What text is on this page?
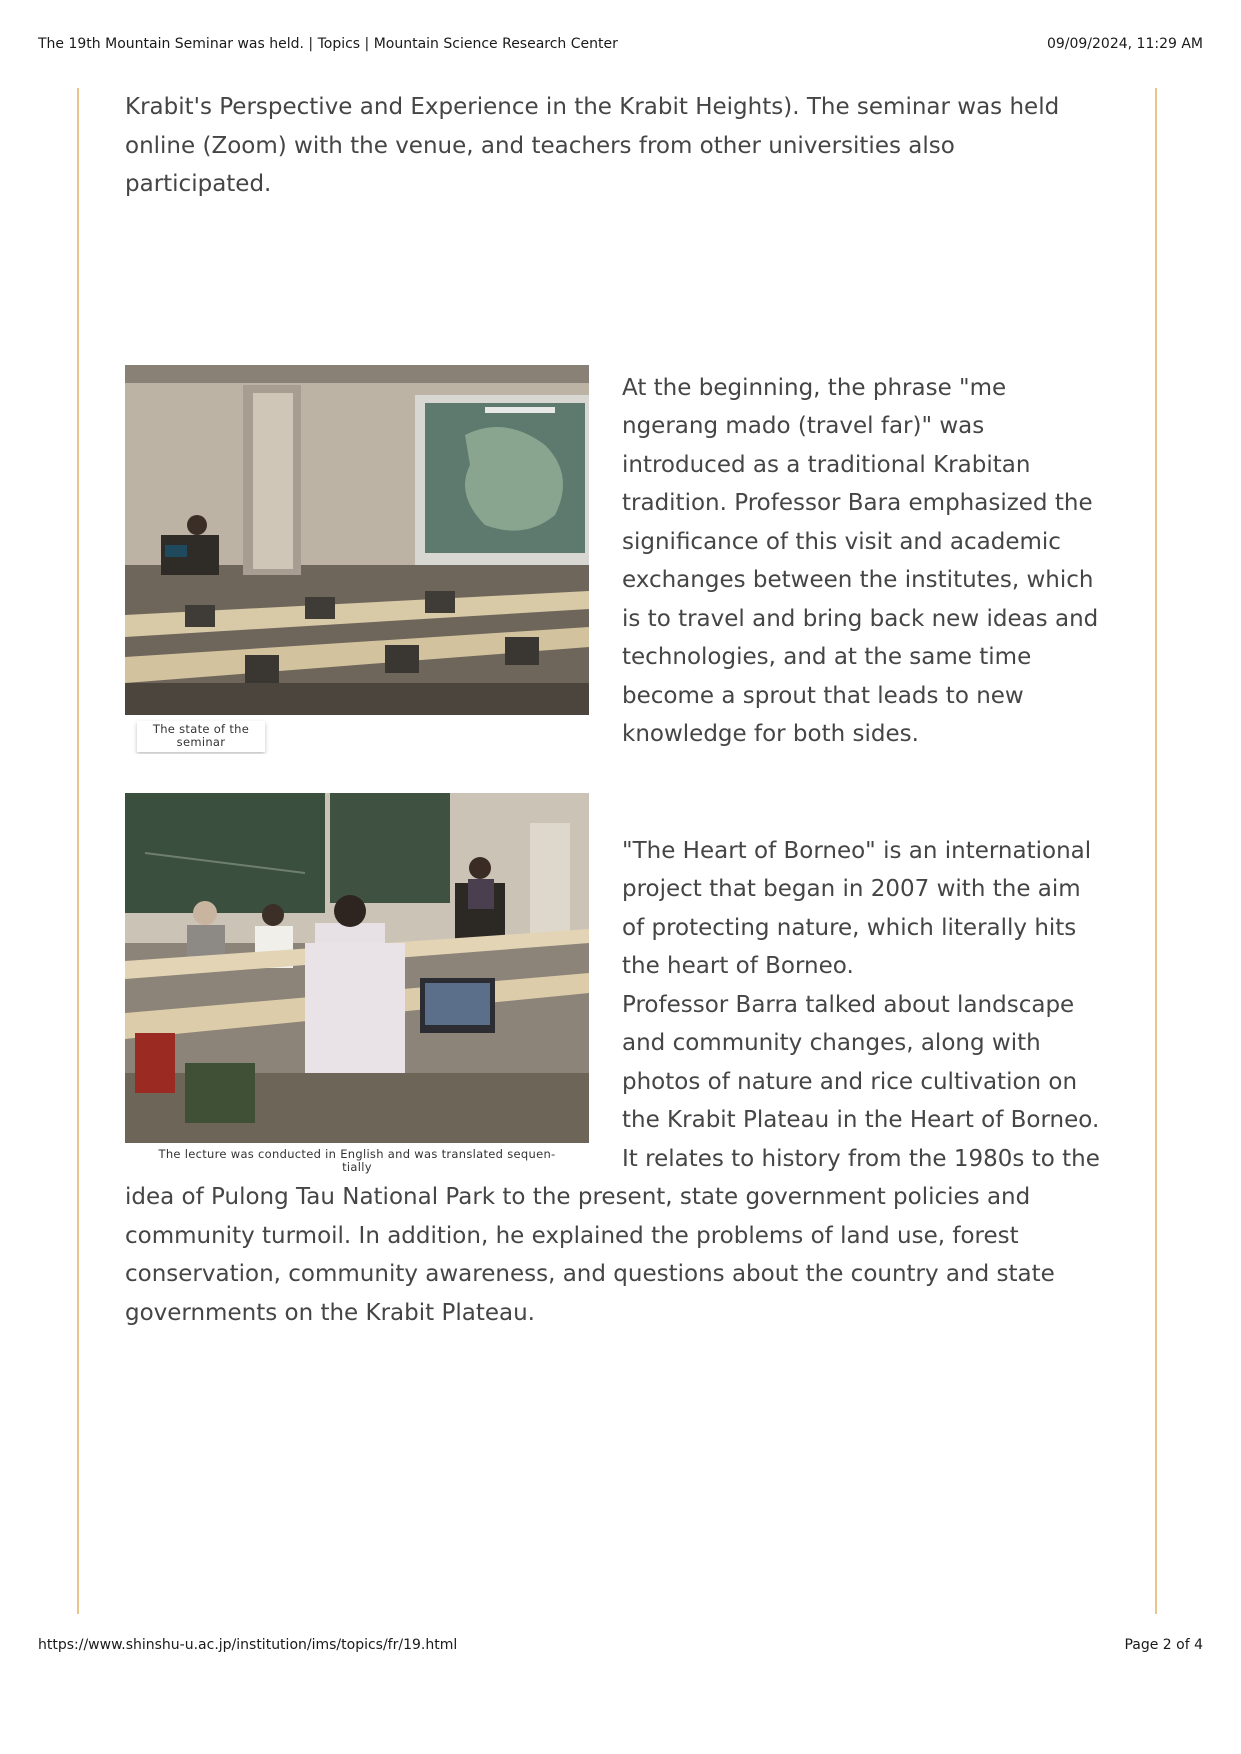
The 19th Mountain Seminar was held. | Topics | Mountain Science Research Center	09/09/2024, 11:29 AM

Krabit's Perspective and Experience in the Krabit Heights). The seminar was held online (Zoom) with the venue, and teachers from other universities also participated.

The state of the seminar

At the beginning, the phrase "me ngerang mado (travel far)" was introduced as a traditional Krabitan tradition. Professor Bara emphasized the significance of this visit and academic exchanges between the institutes, which is to travel and bring back new ideas and technologies, and at the same time become a sprout that leads to new knowledge for both sides.

The lecture was conducted in English and was translated sequen-tially

"The Heart of Borneo" is an international project that began in 2007 with the aim of protecting nature, which literally hits the heart of Borneo.
Professor Barra talked about landscape and community changes, along with photos of nature and rice cultivation on the Krabit Plateau in the Heart of Borneo. It relates to history from the 1980s to the idea of Pulong Tau National Park to the present, state government policies and community turmoil. In addition, he explained the problems of land use, forest conservation, community awareness, and questions about the country and state governments on the Krabit Plateau.

https://www.shinshu-u.ac.jp/institution/ims/topics/fr/19.html	Page 2 of 4
